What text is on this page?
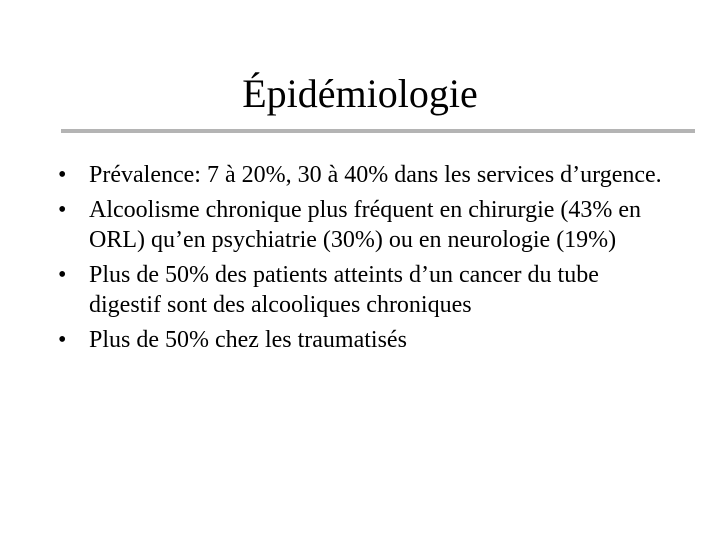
Épidémiologie
• Prévalence: 7 à 20%, 30 à 40% dans les services d’urgence.
• Alcoolisme chronique plus fréquent en chirurgie (43% en ORL) qu’en psychiatrie (30%) ou en neurologie (19%)
• Plus de 50% des patients atteints d’un cancer du tube digestif sont des alcooliques chroniques
• Plus de 50% chez les traumatisés
